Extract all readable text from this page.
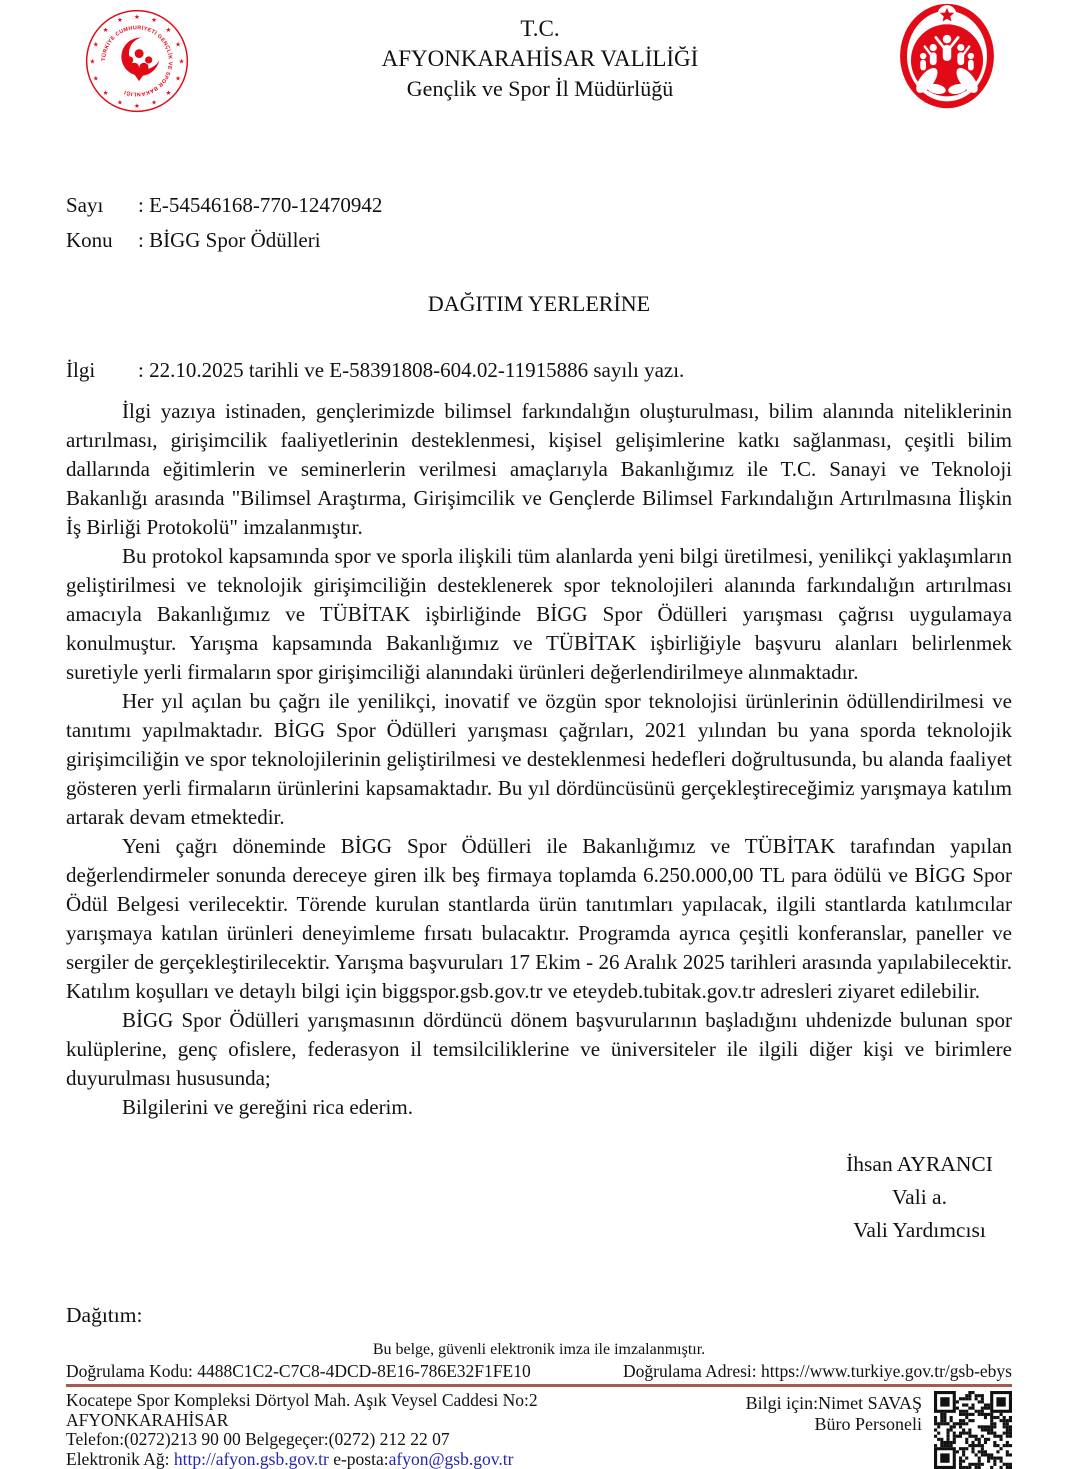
★ ★
★
★
★
★
★
★
★
★
★
★
★
★
★
★
TÜRKİYE CUMHURİYETİ GENÇLİK VE SPOR BAKANLIĞI
T.C.
AFYONKARAHİSAR VALİLİĞİ
Gençlik ve Spor İl Müdürlüğü
Sayı	: E-54546168-770-12470942
Konu	: BİGG Spor Ödülleri
DAĞITIM YERLERİNE
İlgi	: 22.10.2025 tarihli ve E-58391808-604.02-11915886 sayılı yazı.

İlgi yazıya istinaden, gençlerimizde bilimsel farkındalığın oluşturulması, bilim alanında niteliklerinin artırılması, girişimcilik faaliyetlerinin desteklenmesi, kişisel gelişimlerine katkı sağlanması, çeşitli bilim dallarında eğitimlerin ve seminerlerin verilmesi amaçlarıyla Bakanlığımız ile T.C. Sanayi ve Teknoloji Bakanlığı arasında "Bilimsel Araştırma, Girişimcilik ve Gençlerde Bilimsel Farkındalığın Artırılmasına İlişkin İş Birliği Protokolü" imzalanmıştır.

Bu protokol kapsamında spor ve sporla ilişkili tüm alanlarda yeni bilgi üretilmesi, yenilikçi yaklaşımların geliştirilmesi ve teknolojik girişimciliğin desteklenerek spor teknolojileri alanında farkındalığın artırılması amacıyla Bakanlığımız ve TÜBİTAK işbirliğinde BİGG Spor Ödülleri yarışması çağrısı uygulamaya konulmuştur. Yarışma kapsamında Bakanlığımız ve TÜBİTAK işbirliğiyle başvuru alanları belirlenmek suretiyle yerli firmaların spor girişimciliği alanındaki ürünleri değerlendirilmeye alınmaktadır.

Her yıl açılan bu çağrı ile yenilikçi, inovatif ve özgün spor teknolojisi ürünlerinin ödüllendirilmesi ve tanıtımı yapılmaktadır. BİGG Spor Ödülleri yarışması çağrıları, 2021 yılından bu yana sporda teknolojik girişimciliğin ve spor teknolojilerinin geliştirilmesi ve desteklenmesi hedefleri doğrultusunda, bu alanda faaliyet gösteren yerli firmaların ürünlerini kapsamaktadır. Bu yıl dördüncüsünü gerçekleştireceğimiz yarışmaya katılım artarak devam etmektedir.

Yeni çağrı döneminde BİGG Spor Ödülleri ile Bakanlığımız ve TÜBİTAK tarafından yapılan değerlendirmeler sonunda dereceye giren ilk beş firmaya toplamda 6.250.000,00 TL para ödülü ve BİGG Spor Ödül Belgesi verilecektir. Törende kurulan stantlarda ürün tanıtımları yapılacak, ilgili stantlarda katılımcılar yarışmaya katılan ürünleri deneyimleme fırsatı bulacaktır. Programda ayrıca çeşitli konferanslar, paneller ve sergiler de gerçekleştirilecektir. Yarışma başvuruları 17 Ekim - 26 Aralık 2025 tarihleri arasında yapılabilecektir. Katılım koşulları ve detaylı bilgi için biggspor.gsb.gov.tr ve eteydeb.tubitak.gov.tr adresleri ziyaret edilebilir.

BİGG Spor Ödülleri yarışmasının dördüncü dönem başvurularının başladığını uhdenizde bulunan spor kulüplerine, genç ofislere, federasyon il temsilciliklerine ve üniversiteler ile ilgili diğer kişi ve birimlere duyurulması hususunda;

Bilgilerini ve gereğini rica ederim.

İhsan AYRANCI
Vali a.
Vali Yardımcısı
Dağıtım:
Bu belge, güvenli elektronik imza ile imzalanmıştır.
Doğrulama Kodu: 4488C1C2-C7C8-4DCD-8E16-786E32F1FE10	Doğrulama Adresi: https://www.turkiye.gov.tr/gsb-ebys
Kocatepe Spor Kompleksi Dörtyol Mah. Aşık Veysel Caddesi No:2
AFYONKARAHİSAR
Telefon:(0272)213 90 00 Belgegeçer:(0272) 212 22 07
Elektronik Ağ: http://afyon.gsb.gov.tr e-posta:afyon@gsb.gov.tr
Bilgi için:Nimet SAVAŞ
Büro Personeli
